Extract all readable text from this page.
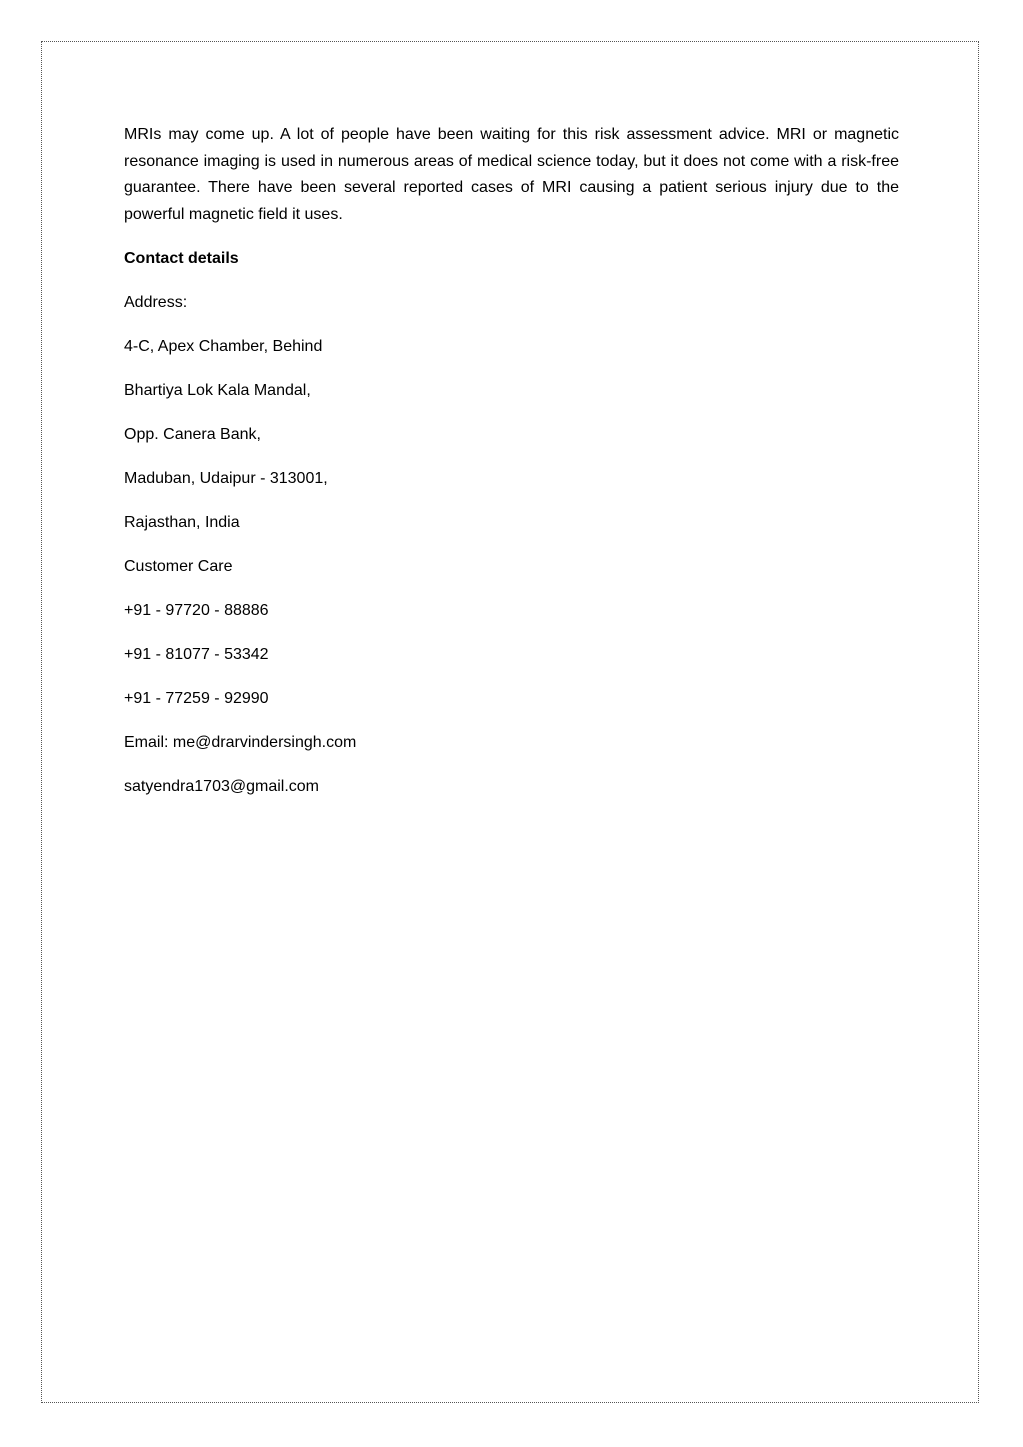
MRIs may come up. A lot of people have been waiting for this risk assessment advice. MRI or magnetic resonance imaging is used in numerous areas of medical science today, but it does not come with a risk-free guarantee. There have been several reported cases of MRI causing a patient serious injury due to the powerful magnetic field it uses.

Contact details

Address:

4-C, Apex Chamber, Behind

Bhartiya Lok Kala Mandal,

Opp. Canera Bank,

Maduban, Udaipur - 313001,

Rajasthan, India

Customer Care

+91 - 97720 - 88886

+91 - 81077 - 53342

+91 - 77259 - 92990

Email: me@drarvindersingh.com

satyendra1703@gmail.com
